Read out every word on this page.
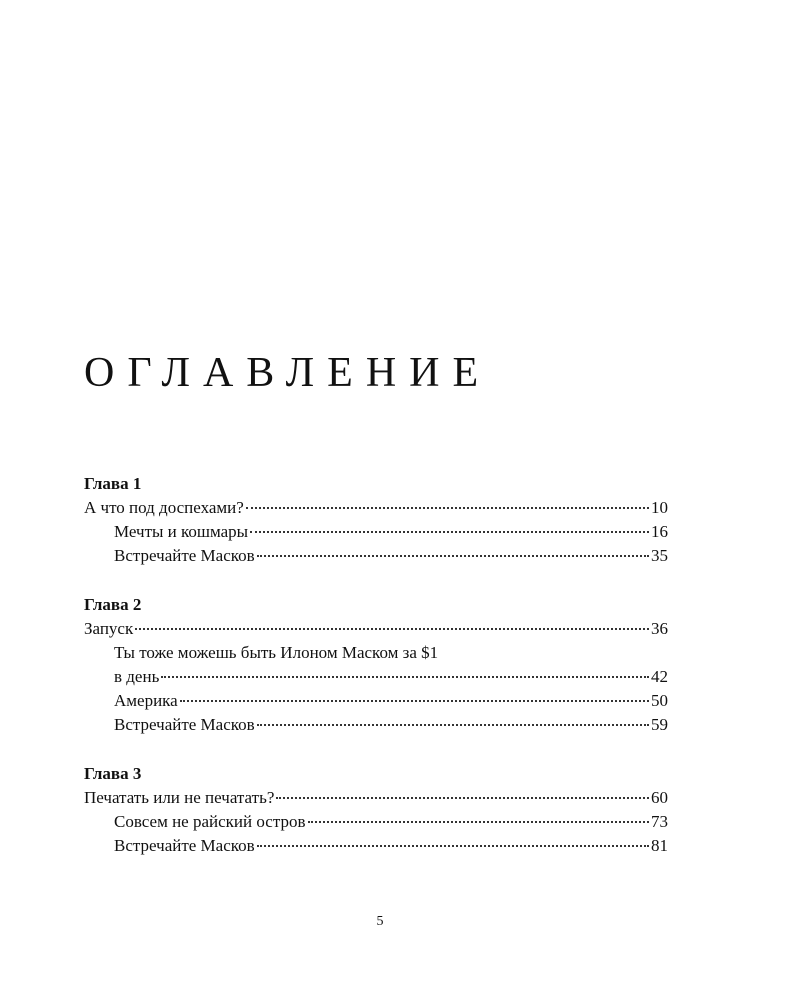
ОГЛАВЛЕНИЕ
Глава 1
А что под доспехами?	10
Мечты и кошмары	16
Встречайте Масков	35
Глава 2
Запуск	36
Ты тоже можешь быть Илоном Маском за $1
в день	42
Америка	50
Встречайте Масков	59
Глава 3
Печатать или не печатать?	60
Совсем не райский остров	73
Встречайте Масков	81
5
